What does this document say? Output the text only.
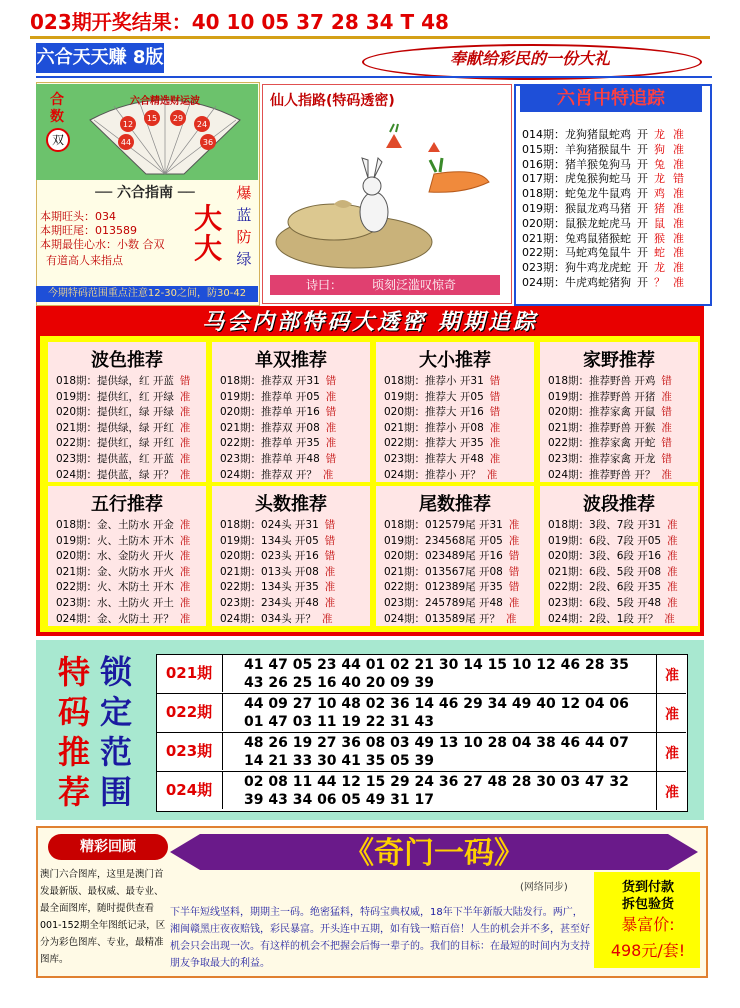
023期开奖结果：40 10 05 37 28 34 T 48
六合天天赚 8版	奉献给彩民的一份大礼
合数
双
六合精选财运波
12
15 29
24
44	36
── 六合指南 ──
本期旺头：034
本期旺尾：013589
本期最佳心水：小数 合双
有道高人来指点
大
大
爆
蓝
防
绿
今期特码范围重点注意12-30之间，防30-42
仙人指路(特码透密)
诗曰：	顷刻泛滥叹惊奇
六肖中特追踪
014期：龙狗猪鼠蛇鸡 开 龙 准
015期：羊狗猪猴鼠牛 开 狗 准
016期：猪羊猴兔狗马 开 兔 准
017期：虎兔猴狗蛇马 开 龙 错
018期：蛇兔龙牛鼠鸡 开 鸡 准
019期：猴鼠龙鸡马猪 开 猪 准
020期：鼠猴龙蛇虎马 开 鼠 准
021期：兔鸡鼠猪猴蛇 开 猴 准
022期：马蛇鸡兔鼠牛 开 蛇 准
023期：狗牛鸡龙虎蛇 开 龙 准
024期：牛虎鸡蛇猪狗 开 ？ 准
马会内部特码大透密 期期追踪
波色推荐
018期：提供绿，红 开蓝 错
019期：提供红，红 开绿 准
020期：提供红，绿 开绿 准
021期：提供绿，绿 开红 准
022期：提供红，绿 开红 准
023期：提供蓝，红 开蓝 准
024期：提供蓝，绿 开？ 准
单双推荐
018期：推荐双 开31 错
019期：推荐单 开05 准
020期：推荐单 开16 错
021期：推荐双 开08 准
022期：推荐单 开35 准
023期：推荐单 开48 错
024期：推荐双 开？ 准
大小推荐
018期：推荐小 开31 错
019期：推荐大 开05 错
020期：推荐大 开16 错
021期：推荐小 开08 准
022期：推荐大 开35 准
023期：推荐大 开48 准
024期：推荐小 开？ 准
家野推荐
018期：推荐野兽 开鸡 错
019期：推荐野兽 开猪 准
020期：推荐家禽 开鼠 错
021期：推荐野兽 开猴 准
022期：推荐家禽 开蛇 错
023期：推荐家禽 开龙 错
024期：推荐野兽 开？ 准
五行推荐
018期：金、土防水 开金 准
019期：火、土防木 开木 准
020期：水、金防火 开火 准
021期：金、火防水 开火 准
022期：火、木防土 开木 准
023期：水、土防火 开土 准
024期：金、火防土 开？ 准
头数推荐
018期：024头 开31 错
019期：134头 开05 错
020期：023头 开16 错
021期：013头 开08 准
022期：134头 开35 准
023期：234头 开48 准
024期：034头 开？ 准
尾数推荐
018期：012579尾 开31 准
019期：234568尾 开05 准
020期：023489尾 开16 错
021期：013567尾 开08 错
022期：012389尾 开35 错
023期：245789尾 开48 准
024期：013589尾 开？ 准
波段推荐
018期：3段、7段 开31 准
019期：6段、7段 开05 准
020期：3段、6段 开16 准
021期：6段、5段 开08 准
022期：2段、6段 开35 准
023期：6段、5段 开48 准
024期：2段、1段 开？ 准
特
码
推
荐
锁
定
范
围
021期	41 47 05 23 44 01 02 21 30 14 15 10 12 46 28 35
43 26 25 16 40 20 09 39	准
022期	44 09 27 10 48 02 36 14 46 29 34 49 40 12 04 06
01 47 03 11 19 22 31 43	准
023期	48 26 19 27 36 08 03 49 13 10 28 04 38 46 44 07
14 21 33 30 41 35 05 39	准
024期	02 08 11 44 12 15 29 24 36 27 48 28 30 03 47 32
39 43 34 06 05 49 31 17	准
精彩回顾
澳门六合图库，这里是澳门首发最新版、最权威、最专业、最全面图库，随时提供查看001-152期全年图纸记录，区分为彩色图库、专业，最精准图库。
《奇门一码》
(网络同步)	货到付款
拆包验货
暴富价:
498元/套!
下半年短线坚料，期期主一码。绝密猛料，特码宝典权威，18年下半年新版大陆发行。两广，湘闽赣黑庄夜夜赔钱，彩民暴富。开头连中五期，如有钱一赔百倍！人生的机会并不多，甚至好机会只会出现一次。有这样的机会不把握会后悔一辈子的。我们的目标：在最短的时间内为支持朋友争取最大的利益。
